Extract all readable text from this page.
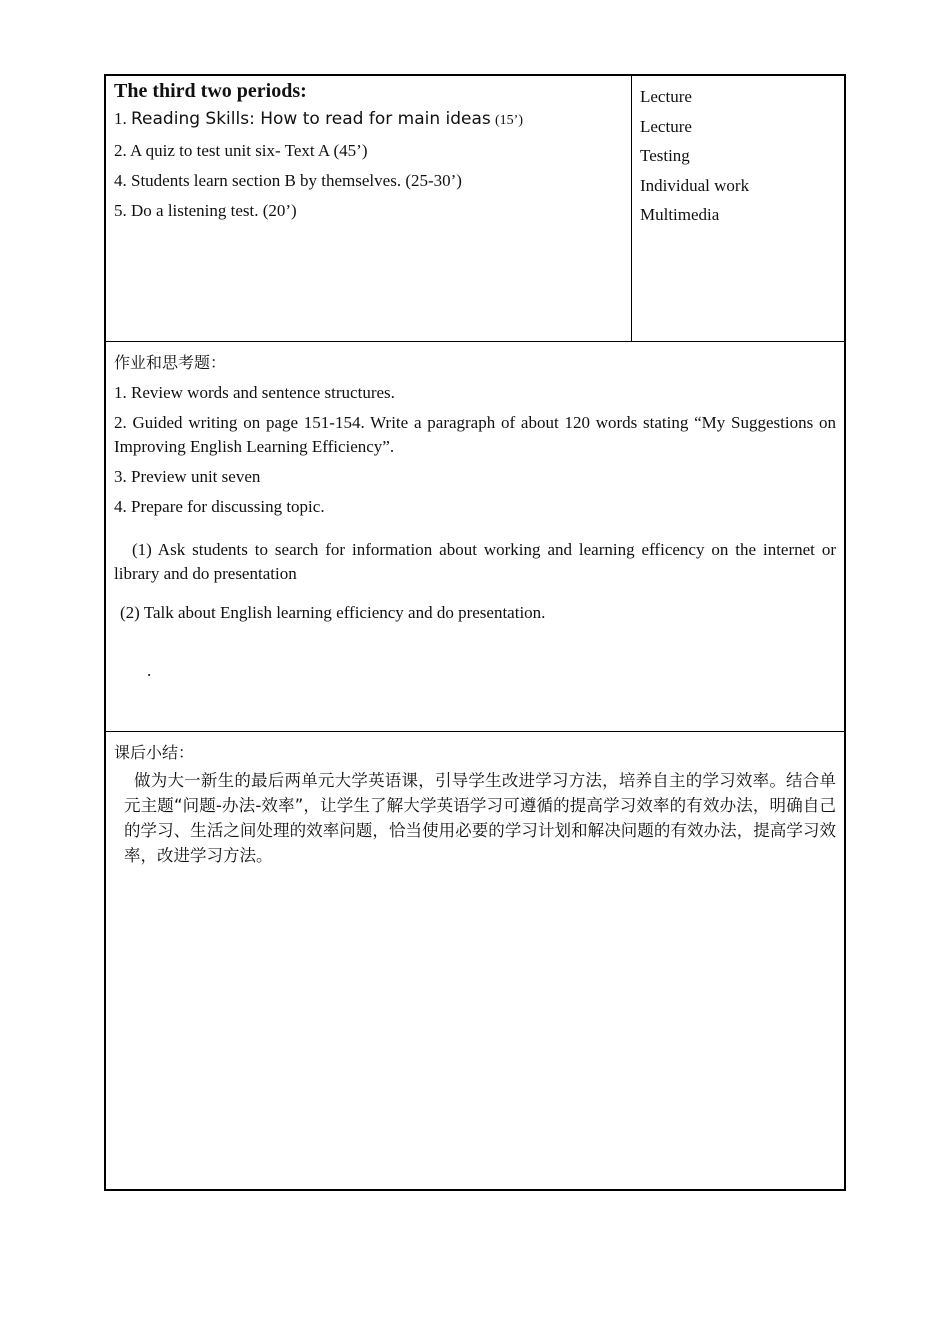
The third two periods:

1. Reading Skills: How to read for main ideas (15’)

2. A quiz to test unit six- Text A (45’)

4. Students learn section B by themselves. (25-30’)

5. Do a listening test. (20’)

Lecture

Lecture

Testing

Individual work

Multimedia

作业和思考题：

1. Review words and sentence structures.

2. Guided writing on page 151-154. Write a paragraph of about 120 words stating “My Suggestions on Improving English Learning Efficiency”.

3. Preview unit seven

4. Prepare for discussing topic.

(1) Ask students to search for information about working and learning efficency on the internet or library and do presentation

(2) Talk about English learning efficiency and do presentation.

.

课后小结：

做为大一新生的最后两单元大学英语课，引导学生改进学习方法，培养自主的学习效率。结合单元主题“问题-办法-效率”，让学生了解大学英语学习可遵循的提高学习效率的有效办法，明确自己的学习、生活之间处理的效率问题，恰当使用必要的学习计划和解决问题的有效办法，提高学习效率，改进学习方法。
